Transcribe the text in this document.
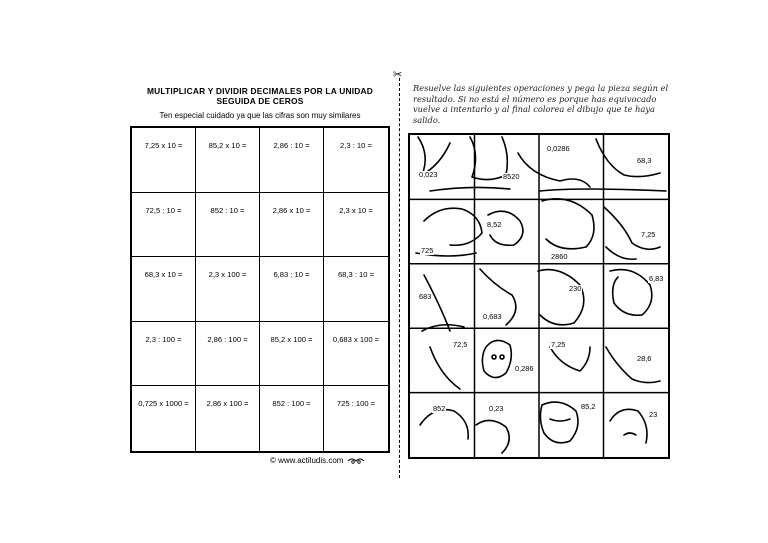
MULTIPLICAR Y DIVIDIR DECIMALES POR LA UNIDAD
SEGUIDA DE CEROS
Ten especial cuidado ya que las cifras son muy similares
7,25 x 10 =	85,2 x 10 =	2,86 : 10 =	2,3 : 10 =
72,5 : 10 =	852 : 10 =	2,86 x 10 =	2,3 x 10 =
68,3 x 10 =	2,3 x 100 =	6,83 : 10 =	68,3 : 10 =
2,3 : 100 =	2,86 : 100 =	85,2 x 100 =	0,683 x 100 =
0,725 x 1000 =	2,86 x 100 =	852 : 100 =	725 : 100 =
© www.actiludis.com
✂
Resuelve las siguientes operaciones y pega la pieza según el
resultado. Si no está el número es porque has equivocado
vuelve a intentarlo y al final colorea el dibujo que te haya
salido.
0,023	8520
0,0286
68,3
8,52
725
2860
7,25
683
0,683
230
6,83
72,5
0,286
7,25
28,6
852	0,23	85,2
23
